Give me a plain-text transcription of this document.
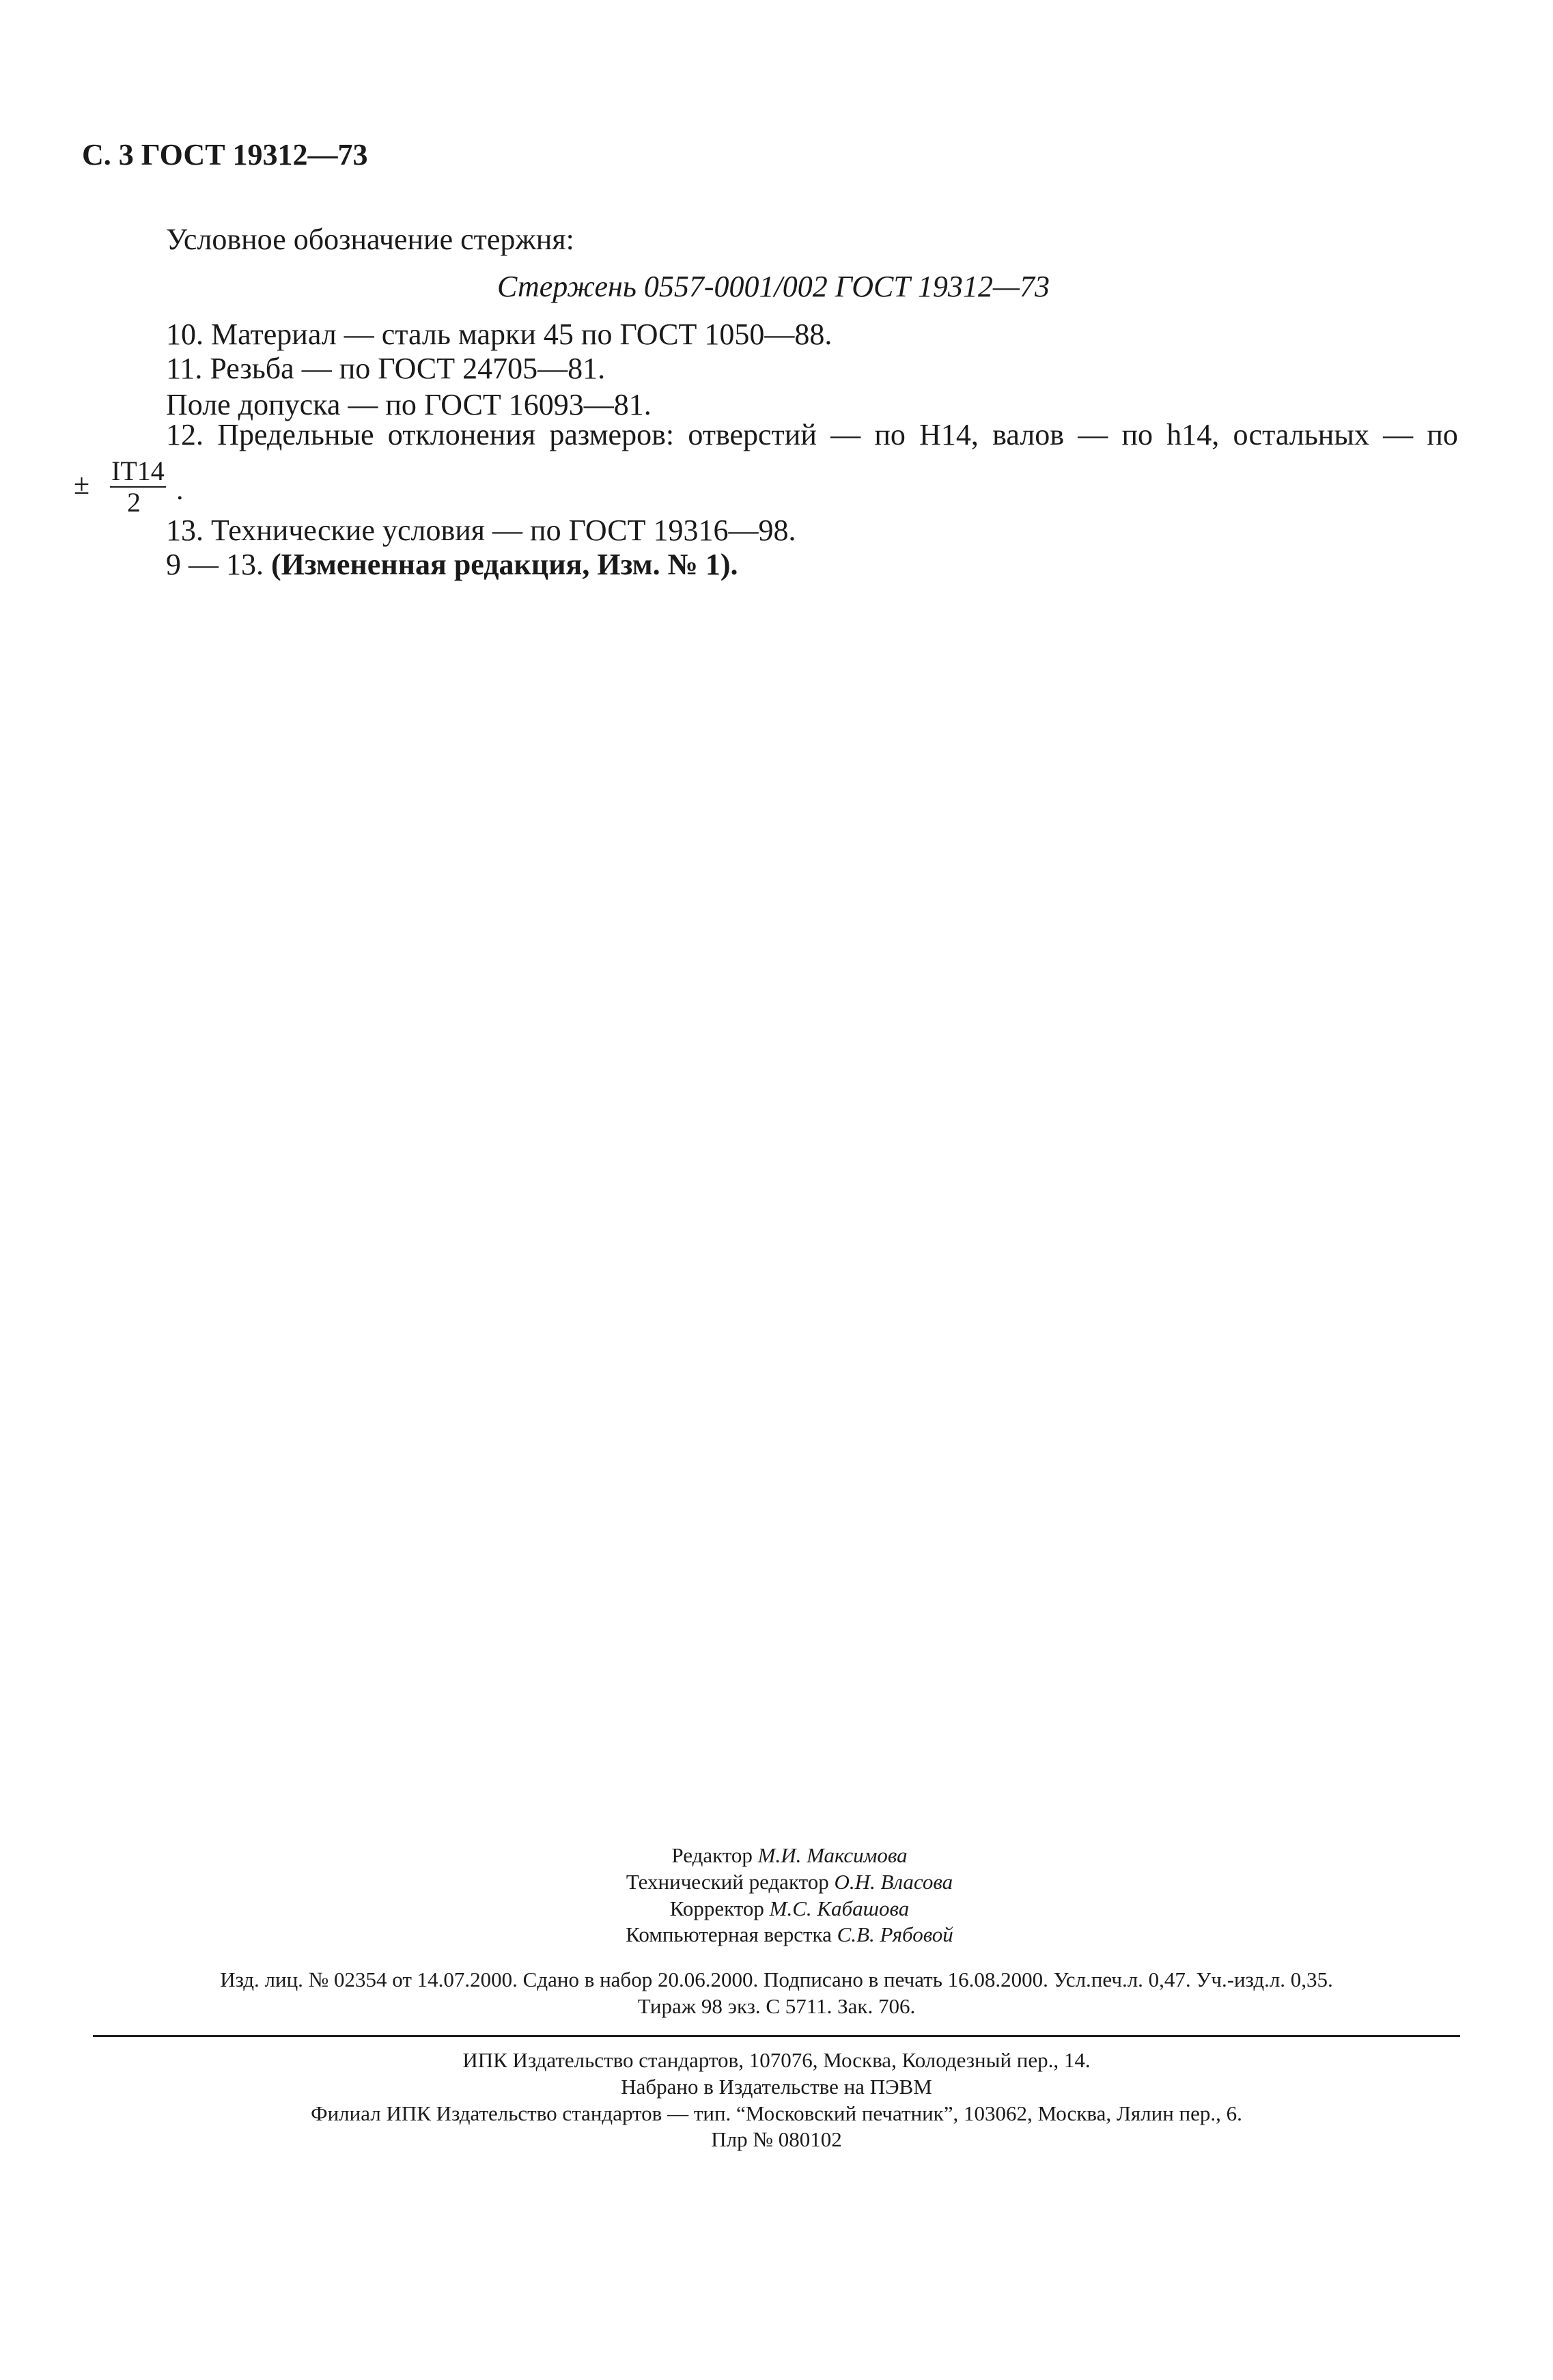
С. 3 ГОСТ 19312—73
Условное обозначение стержня:
Стержень 0557-0001/002 ГОСТ 19312—73
10. Материал — сталь марки 45 по ГОСТ 1050—88.
11. Резьба — по ГОСТ 24705—81.
Поле допуска — по ГОСТ 16093—81.
12. Предельные отклонения размеров: отверстий — по H14, валов — по h14, остальных — по
± IT14
2 .
13. Технические условия — по ГОСТ 19316—98.
9 — 13. (Измененная редакция, Изм. № 1).
Редактор М.И. Максимова
Технический редактор О.Н. Власова
Корректор М.С. Кабашова
Компьютерная верстка С.В. Рябовой
Изд. лиц. № 02354 от 14.07.2000. Сдано в набор 20.06.2000. Подписано в печать 16.08.2000. Усл.печ.л. 0,47. Уч.-изд.л. 0,35.
Тираж 98 экз. С 5711. Зак. 706.
ИПК Издательство стандартов, 107076, Москва, Колодезный пер., 14.
Набрано в Издательстве на ПЭВМ
Филиал ИПК Издательство стандартов — тип. “Московский печатник”, 103062, Москва, Лялин пер., 6.
Плр № 080102
